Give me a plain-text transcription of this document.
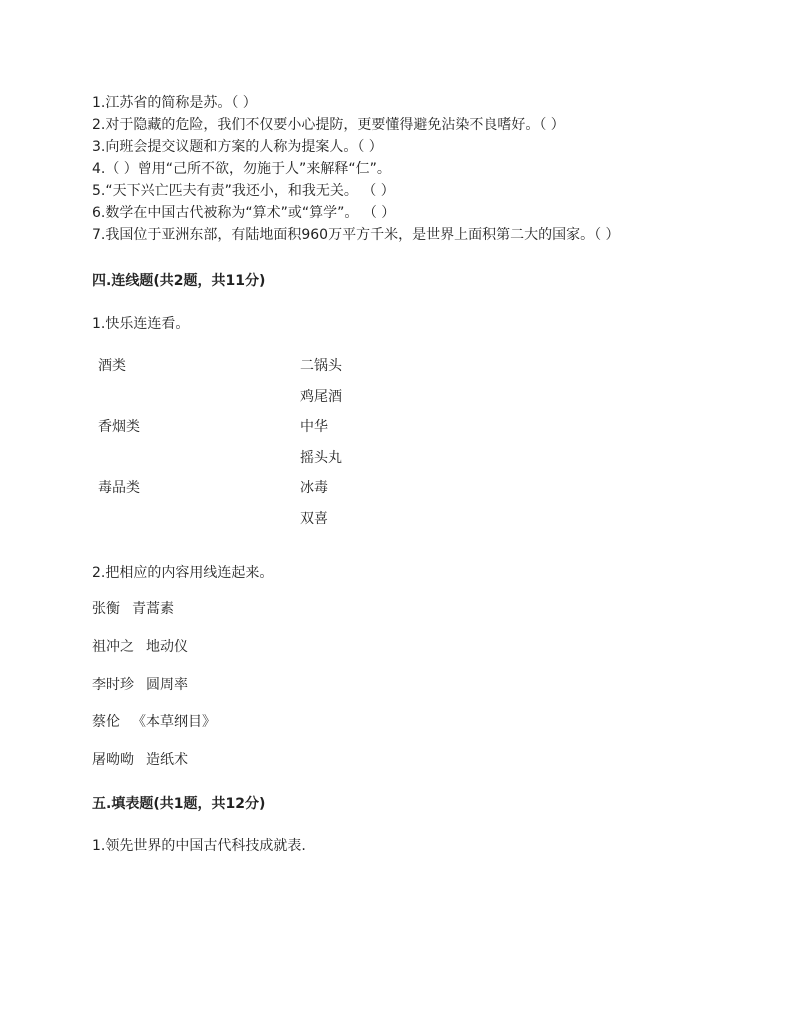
1.江苏省的简称是苏。（ ）
2.对于隐藏的危险，我们不仅要小心提防，更要懂得避免沾染不良嗜好。（ ）
3.向班会提交议题和方案的人称为提案人。（ ）
4.（ ）曾用“己所不欲，勿施于人”来解释“仁”。
5.“天下兴亡匹夫有责”我还小，和我无关。 （ ）
6.数学在中国古代被称为“算术”或“算学”。 （ ）
7.我国位于亚洲东部，有陆地面积960万平方千米，是世界上面积第二大的国家。（ ）
四.连线题(共2题，共11分)
1.快乐连连看。
酒类
香烟类
毒品类
二锅头
鸡尾酒
中华
摇头丸
冰毒
双喜
2.把相应的内容用线连起来。
张衡 青蒿素
祖冲之 地动仪
李时珍 圆周率
蔡伦 《本草纲目》
屠呦呦 造纸术
五.填表题(共1题，共12分)
1.领先世界的中国古代科技成就表.
